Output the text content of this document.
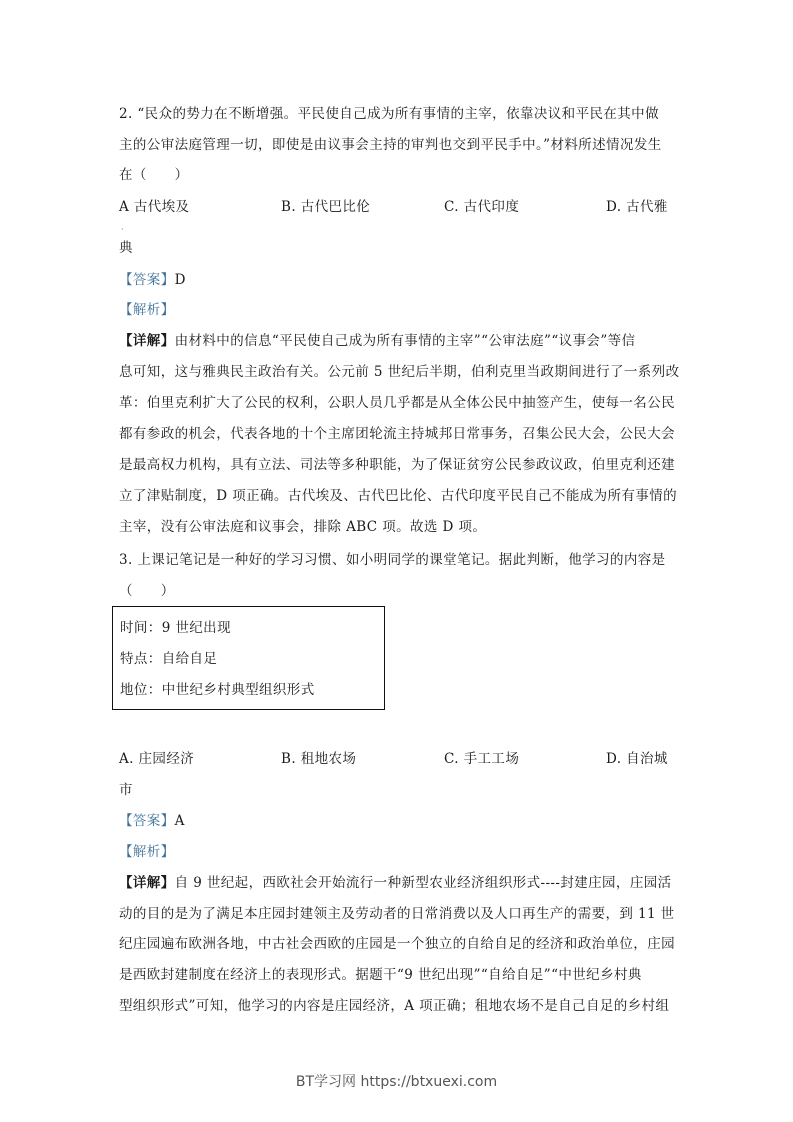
2. “民众的势力在不断增强。平民使自己成为所有事情的主宰，依靠决议和平民在其中做
主的公审法庭管理一切，即使是由议事会主持的审判也交到平民手中。”材料所述情况发生
在（　　）
A 古代埃及	B. 古代巴比伦	C. 古代印度	D. 古代雅
·
典
【答案】D
【解析】
【详解】由材料中的信息“平民使自己成为所有事情的主宰”“公审法庭”“议事会”等信
息可知，这与雅典民主政治有关。公元前 5 世纪后半期，伯利克里当政期间进行了一系列改
革：伯里克利扩大了公民的权利，公职人员几乎都是从全体公民中抽签产生，使每一名公民
都有参政的机会，代表各地的十个主席团轮流主持城邦日常事务，召集公民大会，公民大会
是最高权力机构，具有立法、司法等多种职能，为了保证贫穷公民参政议政，伯里克利还建
立了津贴制度，D 项正确。古代埃及、古代巴比伦、古代印度平民自己不能成为所有事情的
主宰，没有公审法庭和议事会，排除 ABC 项。故选 D 项。
3. 上课记笔记是一种好的学习习惯、如小明同学的课堂笔记。据此判断，他学习的内容是
（　　）
时间：9 世纪出现
特点：自给自足
地位：中世纪乡村典型组织形式
A. 庄园经济	B. 租地农场	C. 手工工场	D. 自治城
市
【答案】A
【解析】
【详解】自 9 世纪起，西欧社会开始流行一种新型农业经济组织形式----封建庄园，庄园活
动的目的是为了满足本庄园封建领主及劳动者的日常消费以及人口再生产的需要，到 11 世
纪庄园遍布欧洲各地，中古社会西欧的庄园是一个独立的自给自足的经济和政治单位，庄园
是西欧封建制度在经济上的表现形式。据题干“9 世纪出现”“自给自足”“中世纪乡村典
型组织形式”可知，他学习的内容是庄园经济，A 项正确；租地农场不是自己自足的乡村组
BT学习网 https://btxuexi.com
